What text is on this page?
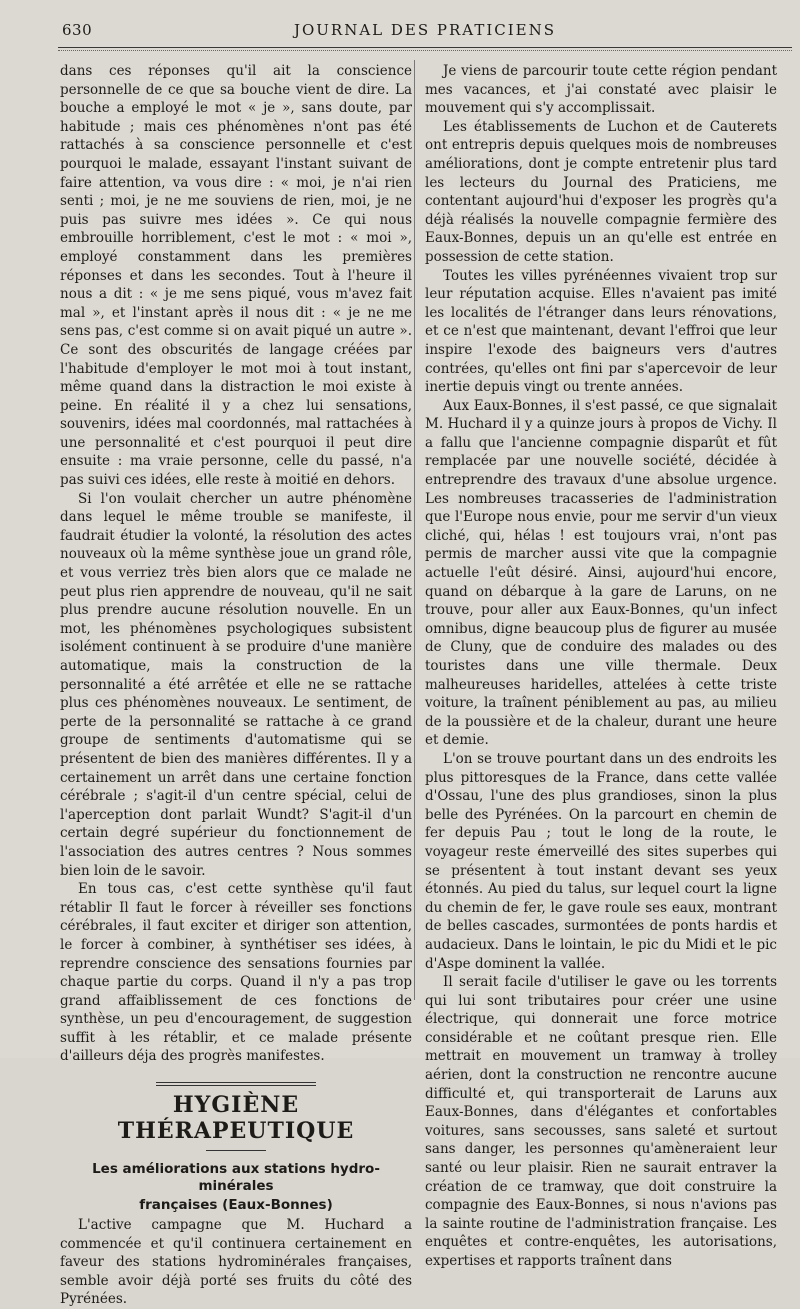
630	JOURNAL DES PRATICIENS

dans ces réponses qu'il ait la conscience personnelle de ce que sa bouche vient de dire. La bouche a employé le mot « je », sans doute, par habitude ; mais ces phénomènes n'ont pas été rattachés à sa conscience personnelle et c'est pourquoi le malade, essayant l'instant suivant de faire attention, va vous dire : « moi, je n'ai rien senti ; moi, je ne me souviens de rien, moi, je ne puis pas suivre mes idées ». Ce qui nous embrouille horriblement, c'est le mot : « moi », employé constamment dans les premières réponses et dans les secondes. Tout à l'heure il nous a dit : « je me sens piqué, vous m'avez fait mal », et l'instant après il nous dit : « je ne me sens pas, c'est comme si on avait piqué un autre ». Ce sont des obscurités de langage créées par l'habitude d'employer le mot moi à tout instant, même quand dans la distraction le moi existe à peine. En réalité il y a chez lui sensations, souvenirs, idées mal coordonnés, mal rattachées à une personnalité et c'est pourquoi il peut dire ensuite : ma vraie personne, celle du passé, n'a pas suivi ces idées, elle reste à moitié en dehors.

Si l'on voulait chercher un autre phénomène dans lequel le même trouble se manifeste, il faudrait étudier la volonté, la résolution des actes nouveaux où la même synthèse joue un grand rôle, et vous verriez très bien alors que ce malade ne peut plus rien apprendre de nouveau, qu'il ne sait plus prendre aucune résolution nouvelle. En un mot, les phénomènes psychologiques subsistent isolément continuent à se produire d'une manière automatique, mais la construction de la personnalité a été arrêtée et elle ne se rattache plus ces phénomènes nouveaux. Le sentiment, de perte de la personnalité se rattache à ce grand groupe de sentiments d'automatisme qui se présentent de bien des manières différentes. Il y a certainement un arrêt dans une certaine fonction cérébrale ; s'agit-il d'un centre spécial, celui de l'aperception dont parlait Wundt? S'agit-il d'un certain degré supérieur du fonctionnement de l'association des autres centres ? Nous sommes bien loin de le savoir.

En tous cas, c'est cette synthèse qu'il faut rétablir Il faut le forcer à réveiller ses fonctions cérébrales, il faut exciter et diriger son attention, le forcer à combiner, à synthétiser ses idées, à reprendre conscience des sensations fournies par chaque partie du corps. Quand il n'y a pas trop grand affaiblissement de ces fonctions de synthèse, un peu d'encouragement, de suggestion suffit à les rétablir, et ce malade présente d'ailleurs déja des progrès manifestes.

HYGIÈNE THÉRAPEUTIQUE
Les améliorations aux stations hydro-minérales
françaises (Eaux-Bonnes)

L'active campagne que M. Huchard a commencée et qu'il continuera certainement en faveur des stations hydrominérales françaises, semble avoir déjà porté ses fruits du côté des Pyrénées.

Je viens de parcourir toute cette région pendant mes vacances, et j'ai constaté avec plaisir le mouvement qui s'y accomplissait.

Les établissements de Luchon et de Cauterets ont entrepris depuis quelques mois de nombreuses améliorations, dont je compte entretenir plus tard les lecteurs du Journal des Praticiens, me contentant aujourd'hui d'exposer les progrès qu'a déjà réalisés la nouvelle compagnie fermière des Eaux-Bonnes, depuis un an qu'elle est entrée en possession de cette station.

Toutes les villes pyrénéennes vivaient trop sur leur réputation acquise. Elles n'avaient pas imité les localités de l'étranger dans leurs rénovations, et ce n'est que maintenant, devant l'effroi que leur inspire l'exode des baigneurs vers d'autres contrées, qu'elles ont fini par s'apercevoir de leur inertie depuis vingt ou trente années.

Aux Eaux-Bonnes, il s'est passé, ce que signalait M. Huchard il y a quinze jours à propos de Vichy. Il a fallu que l'ancienne compagnie disparût et fût remplacée par une nouvelle société, décidée à entreprendre des travaux d'une absolue urgence. Les nombreuses tracasseries de l'administration que l'Europe nous envie, pour me servir d'un vieux cliché, qui, hélas ! est toujours vrai, n'ont pas permis de marcher aussi vite que la compagnie actuelle l'eût désiré. Ainsi, aujourd'hui encore, quand on débarque à la gare de Laruns, on ne trouve, pour aller aux Eaux-Bonnes, qu'un infect omnibus, digne beaucoup plus de figurer au musée de Cluny, que de conduire des malades ou des touristes dans une ville thermale. Deux malheureuses haridelles, attelées à cette triste voiture, la traînent péniblement au pas, au milieu de la poussière et de la chaleur, durant une heure et demie.

L'on se trouve pourtant dans un des endroits les plus pittoresques de la France, dans cette vallée d'Ossau, l'une des plus grandioses, sinon la plus belle des Pyrénées. On la parcourt en chemin de fer depuis Pau ; tout le long de la route, le voyageur reste émerveillé des sites superbes qui se présentent à tout instant devant ses yeux étonnés. Au pied du talus, sur lequel court la ligne du chemin de fer, le gave roule ses eaux, montrant de belles cascades, surmontées de ponts hardis et audacieux. Dans le lointain, le pic du Midi et le pic d'Aspe dominent la vallée.

Il serait facile d'utiliser le gave ou les torrents qui lui sont tributaires pour créer une usine électrique, qui donnerait une force motrice considérable et ne coûtant presque rien. Elle mettrait en mouvement un tramway à trolley aérien, dont la construction ne rencontre aucune difficulté et, qui transporterait de Laruns aux Eaux-Bonnes, dans d'élégantes et confortables voitures, sans secousses, sans saleté et surtout sans danger, les personnes qu'amèneraient leur santé ou leur plaisir. Rien ne saurait entraver la création de ce tramway, que doit construire la compagnie des Eaux-Bonnes, si nous n'avions pas la sainte routine de l'administration française. Les enquêtes et contre-enquêtes, les autorisations, expertises et rapports traînent dans
